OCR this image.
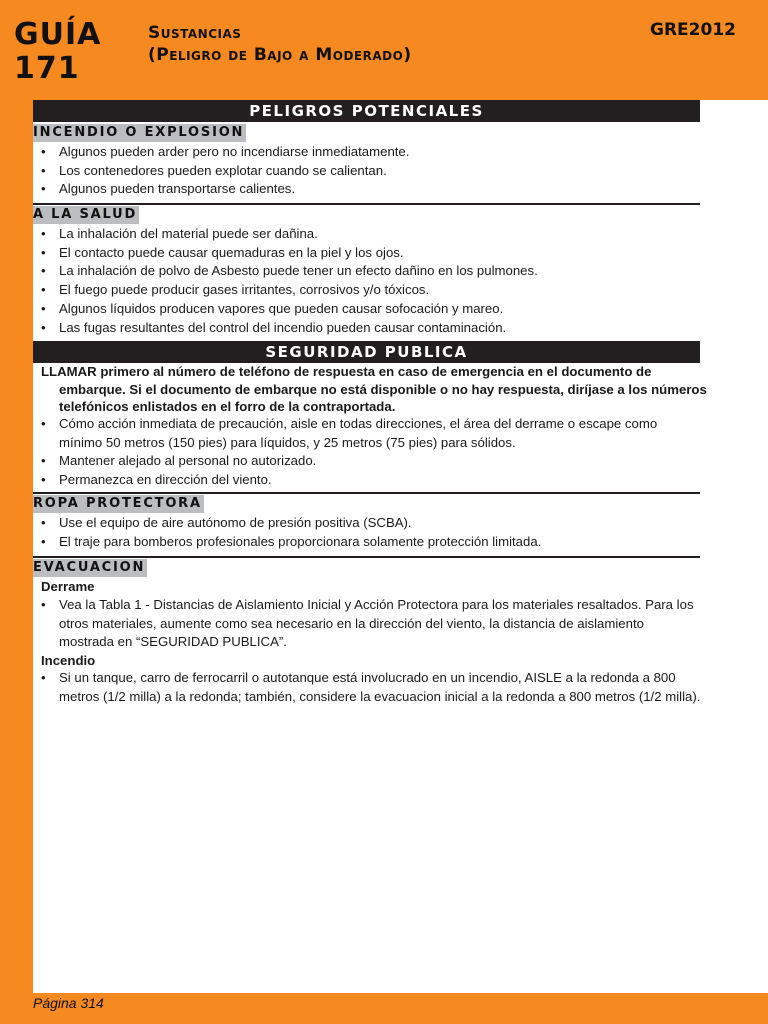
GUÍA
171
Sustancias
(Peligro de Bajo a Moderado)
GRE2012
PELIGROS POTENCIALES
INCENDIO O EXPLOSION
• Algunos pueden arder pero no incendiarse inmediatamente.
• Los contenedores pueden explotar cuando se calientan.
• Algunos pueden transportarse calientes.
A LA SALUD
• La inhalación del material puede ser dañina.
• El contacto puede causar quemaduras en la piel y los ojos.
• La inhalación de polvo de Asbesto puede tener un efecto dañino en los pulmones.
• El fuego puede producir gases irritantes, corrosivos y/o tóxicos.
• Algunos líquidos producen vapores que pueden causar sofocación y mareo.
• Las fugas resultantes del control del incendio pueden causar contaminación.
SEGURIDAD PUBLICA
LLAMAR primero al número de teléfono de respuesta en caso de emergencia en el documento de embarque. Si el documento de embarque no está disponible o no hay respuesta, diríjase a los números telefónicos enlistados en el forro de la contraportada.
• Cómo acción inmediata de precaución, aisle en todas direcciones, el área del derrame o escape como mínimo 50 metros (150 pies) para líquidos, y 25 metros (75 pies) para sólidos.
• Mantener alejado al personal no autorizado.
• Permanezca en dirección del viento.
ROPA PROTECTORA
• Use el equipo de aire autónomo de presión positiva (SCBA).
• El traje para bomberos profesionales proporcionara solamente protección limitada.
EVACUACION
Derrame
• Vea la Tabla 1 - Distancias de Aislamiento Inicial y Acción Protectora para los materiales resaltados. Para los otros materiales, aumente como sea necesario en la dirección del viento, la distancia de aislamiento mostrada en “SEGURIDAD PUBLICA”.
Incendio
• Si un tanque, carro de ferrocarril o autotanque está involucrado en un incendio, AISLE a la redonda a 800 metros (1/2 milla) a la redonda; también, considere la evacuacion inicial a la redonda a 800 metros (1/2 milla).
Página 314
